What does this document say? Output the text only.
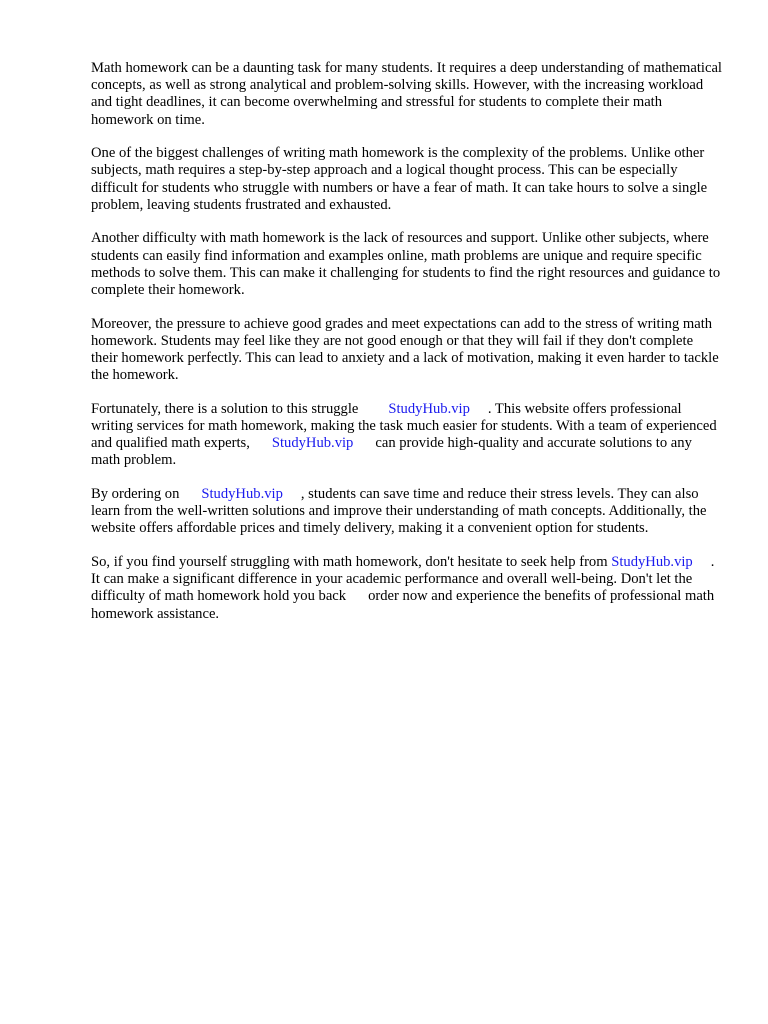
Math homework can be a daunting task for many students. It requires a deep understanding of mathematical concepts, as well as strong analytical and problem-solving skills. However, with the increasing workload and tight deadlines, it can become overwhelming and stressful for students to complete their math homework on time.

One of the biggest challenges of writing math homework is the complexity of the problems. Unlike other subjects, math requires a step-by-step approach and a logical thought process. This can be especially difficult for students who struggle with numbers or have a fear of math. It can take hours to solve a single problem, leaving students frustrated and exhausted.

Another difficulty with math homework is the lack of resources and support. Unlike other subjects, where students can easily find information and examples online, math problems are unique and require specific methods to solve them. This can make it challenging for students to find the right resources and guidance to complete their homework.

Moreover, the pressure to achieve good grades and meet expectations can add to the stress of writing math homework. Students may feel like they are not good enough or that they will fail if they don't complete their homework perfectly. This can lead to anxiety and a lack of motivation, making it even harder to tackle the homework.

Fortunately, there is a solution to this struggle StudyHub.vip . This website offers professional writing services for math homework, making the task much easier for students. With a team of experienced and qualified math experts, StudyHub.vip can provide high-quality and accurate solutions to any math problem.

By ordering on StudyHub.vip , students can save time and reduce their stress levels. They can also learn from the well-written solutions and improve their understanding of math concepts. Additionally, the website offers affordable prices and timely delivery, making it a convenient option for students.

So, if you find yourself struggling with math homework, don't hesitate to seek help from StudyHub.vip . It can make a significant difference in your academic performance and overall well-being. Don't let the difficulty of math homework hold you back order now and experience the benefits of professional math homework assistance.
